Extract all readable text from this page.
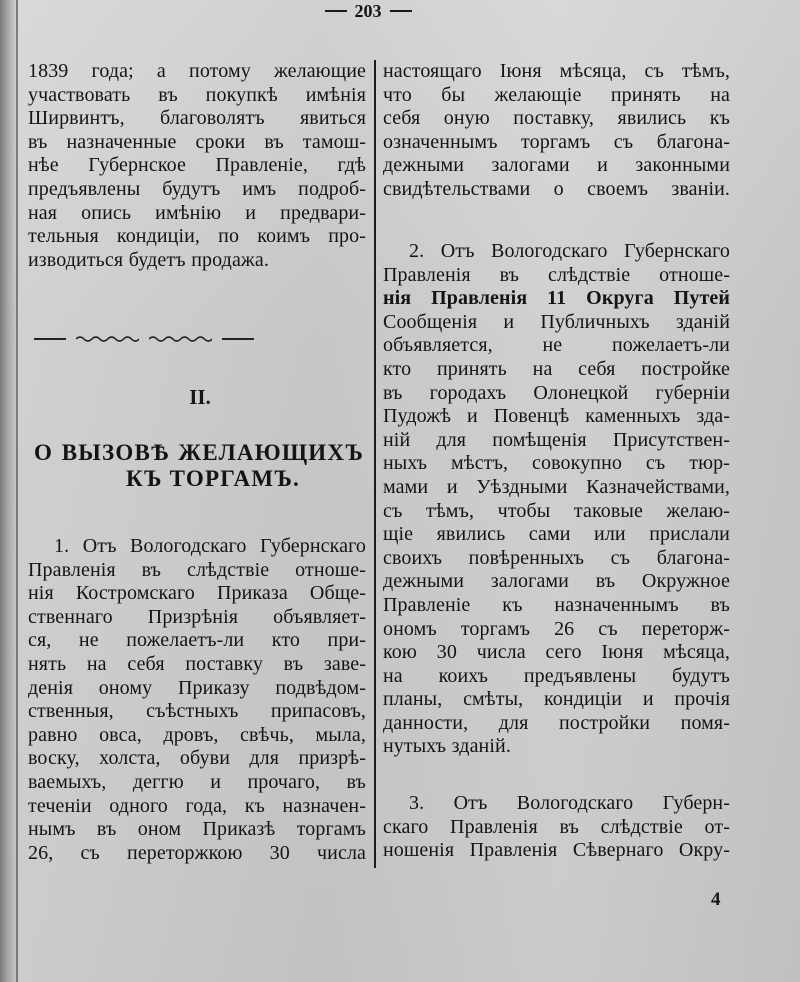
203
1839 года; а потому желающие
участвовать въ покупкѣ имѣнія
Ширвинтъ, благоволятъ явиться
въ назначенные сроки въ тамош-
нѣе Губернское Правленіе, гдѣ
предъявлены будутъ имъ подроб-
ная опись имѣнію и предвари-
тельныя кондиціи, по коимъ про-
изводиться будетъ продажа.
II.
О ВЫЗОВѢ ЖЕЛАЮЩИХЪ
КЪ ТОРГАМЪ.
1. Отъ Вологодскаго Губернскаго
Правленія въ слѣдствіе отноше-
нія Костромскаго Приказа Обще-
ственнаго Призрѣнія объявляет-
ся, не пожелаетъ-ли кто при-
нять на себя поставку въ заве-
денія оному Приказу подвѣдом-
ственныя, съѣстныхъ припасовъ,
равно овса, дровъ, свѣчь, мыла,
воску, холста, обуви для призрѣ-
ваемыхъ, деггю и прочаго, въ
теченіи одного года, къ назначен-
нымъ въ оном Приказѣ торгамъ
26, съ переторжкою 30 числа
настоящаго Іюня мѣсяца, съ тѣмъ,
что бы желающіе принять на
себя оную поставку, явились къ
означеннымъ торгамъ съ благона-
дежными залогами и законными
свидѣтельствами о своемъ званіи.
2. Отъ Вологодскаго Губернскаго
Правленія въ слѣдствіе отноше-
нія Правленія 11 Округа Путей
Сообщенія и Публичныхъ зданій
объявляется, не пожелаетъ-ли
кто принять на себя постройке
въ городахъ Олонецкой губерніи
Пудожѣ и Повенцѣ каменныхъ зда-
ній для помѣщенія Присутствен-
ныхъ мѣстъ, совокупно съ тюр-
мами и Уѣздными Казначействами,
съ тѣмъ, чтобы таковые желаю-
щіе явились сами или прислали
своихъ повѣренныхъ съ благона-
дежными залогами въ Окружное
Правленіе къ назначеннымъ въ
ономъ торгамъ 26 съ переторж-
кою 30 числа сего Іюня мѣсяца,
на коихъ предъявлены будутъ
планы, смѣты, кондиціи и прочія
данности, для постройки помя-
нутыхъ зданій.
3. Отъ Вологодскаго Губерн-
скаго Правленія въ слѣдствіе от-
ношенія Правленія Сѣвернаго Окру-
4
